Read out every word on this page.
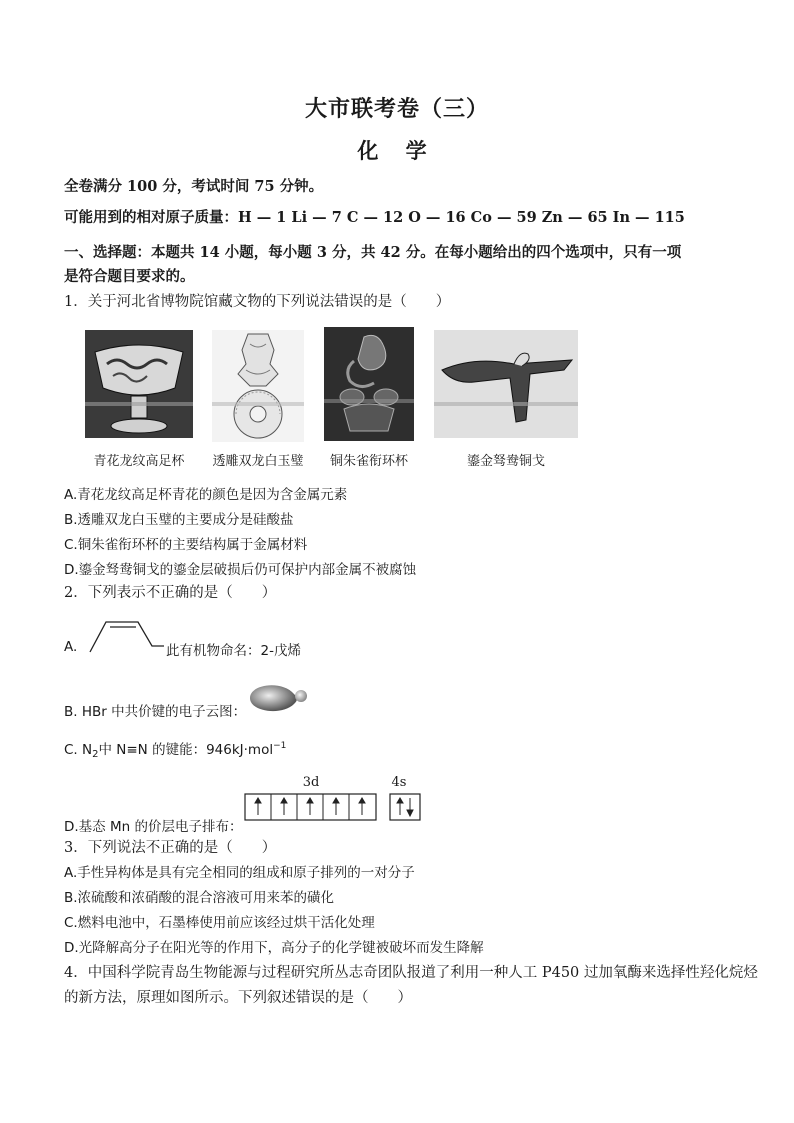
大市联考卷（三）
化 学
全卷满分 100 分，考试时间 75 分钟。
可能用到的相对原子质量：H — 1 Li — 7 C — 12 O — 16 Co — 59 Zn — 65 In — 115
一、选择题：本题共 14 小题，每小题 3 分，共 42 分。在每小题给出的四个选项中，只有一项
是符合题目要求的。
1．关于河北省博物院馆藏文物的下列说法错误的是（　　）
青花龙纹高足杯	透雕双龙白玉璧	铜朱雀衔环杯	鎏金驽鸯铜戈
A.青花龙纹高足杯青花的颜色是因为含金属元素
B.透雕双龙白玉璧的主要成分是硅酸盐
C.铜朱雀衔环杯的主要结构属于金属材料
D.鎏金驽鸯铜戈的鎏金层破损后仍可保护内部金属不被腐蚀
2．下列表示不正确的是（　　）
A.	此有机物命名：2-戊烯
B. HBr 中共价键的电子云图：
C. $N_2$中 N≡N 的键能：946kJ·mol$^{-1}$
3d	4s
D.基态 Mn 的价层电子排布：
3．下列说法不正确的是（　　）
A.手性异构体是具有完全相同的组成和原子排列的一对分子
B.浓硫酸和浓硝酸的混合溶液可用来苯的磺化
C.燃料电池中，石墨棒使用前应该经过烘干活化处理
D.光降解高分子在阳光等的作用下，高分子的化学键被破坏而发生降解
4．中国科学院青岛生物能源与过程研究所丛志奇团队报道了利用一种人工 P450 过加氧酶来选择性羟化烷烃
的新方法，原理如图所示。下列叙述错误的是（　　）
